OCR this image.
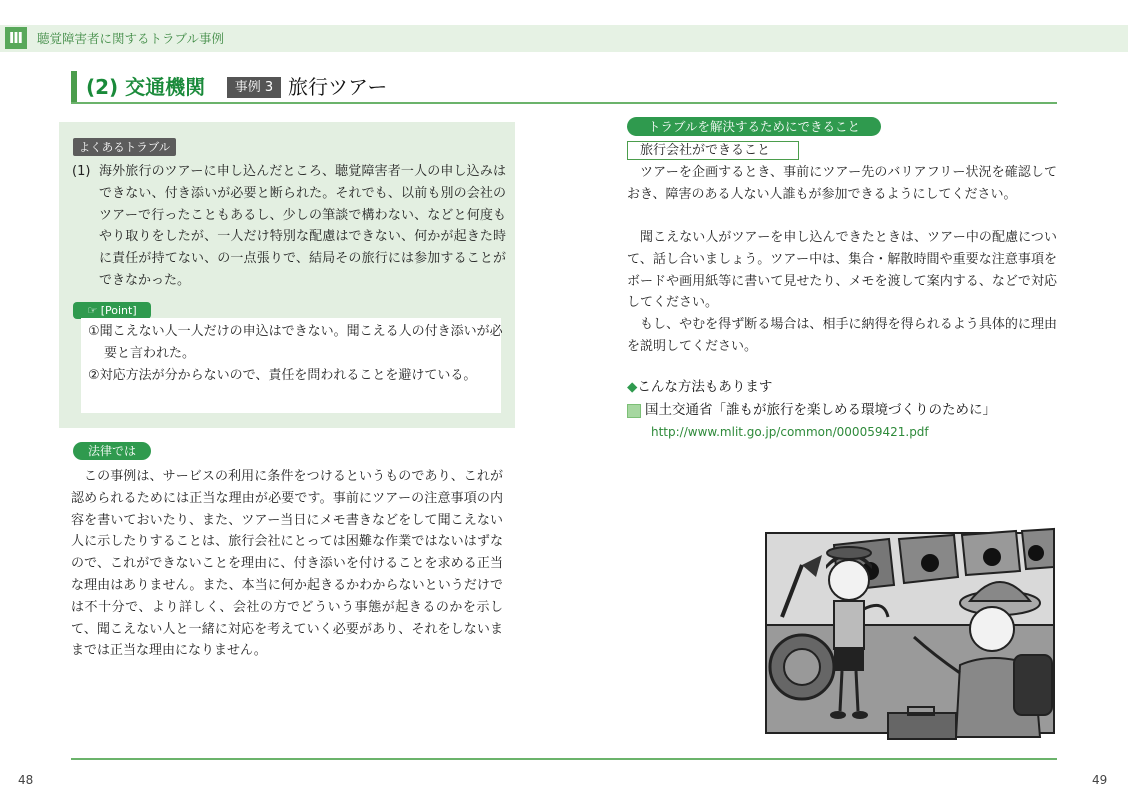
Ⅲ	聴覚障害者に関するトラブル事例
(2) 交通機関	事例 3 旅行ツアー
よくあるトラブル
(1) 海外旅行のツアーに申し込んだところ、聴覚障害者一人の申し込みはできない、付き添いが必要と断られた。それでも、以前も別の会社のツアーで行ったこともあるし、少しの筆談で構わない、などと何度もやり取りをしたが、一人だけ特別な配慮はできない、何かが起きた時に責任が持てない、の一点張りで、結局その旅行には参加することができなかった。
☞ [Point]
①聞こえない人一人だけの申込はできない。聞こえる人の付き添いが必要と言われた。
②対応方法が分からないので、責任を問われることを避けている。
法律では
この事例は、サービスの利用に条件をつけるというものであり、これが認められるためには正当な理由が必要です。事前にツアーの注意事項の内容を書いておいたり、また、ツアー当日にメモ書きなどをして聞こえない人に示したりすることは、旅行会社にとっては困難な作業ではないはずなので、これができないことを理由に、付き添いを付けることを求める正当な理由はありません。また、本当に何か起きるかわからないというだけでは不十分で、より詳しく、会社の方でどういう事態が起きるのかを示して、聞こえない人と一緒に対応を考えていく必要があり、それをしないままでは正当な理由になりません。
トラブルを解決するためにできること
旅行会社ができること
ツアーを企画するとき、事前にツアー先のバリアフリー状況を確認しておき、障害のある人ない人誰もが参加できるようにしてください。
聞こえない人がツアーを申し込んできたときは、ツアー中の配慮について、話し合いましょう。ツアー中は、集合・解散時間や重要な注意事項をボードや画用紙等に書いて見せたり、メモを渡して案内する、などで対応してください。
もし、やむを得ず断る場合は、相手に納得を得られるよう具体的に理由を説明してください。
◆こんな方法もあります
国土交通省「誰もが旅行を楽しめる環境づくりのために」
http://www.mlit.go.jp/common/000059421.pdf
48	49
